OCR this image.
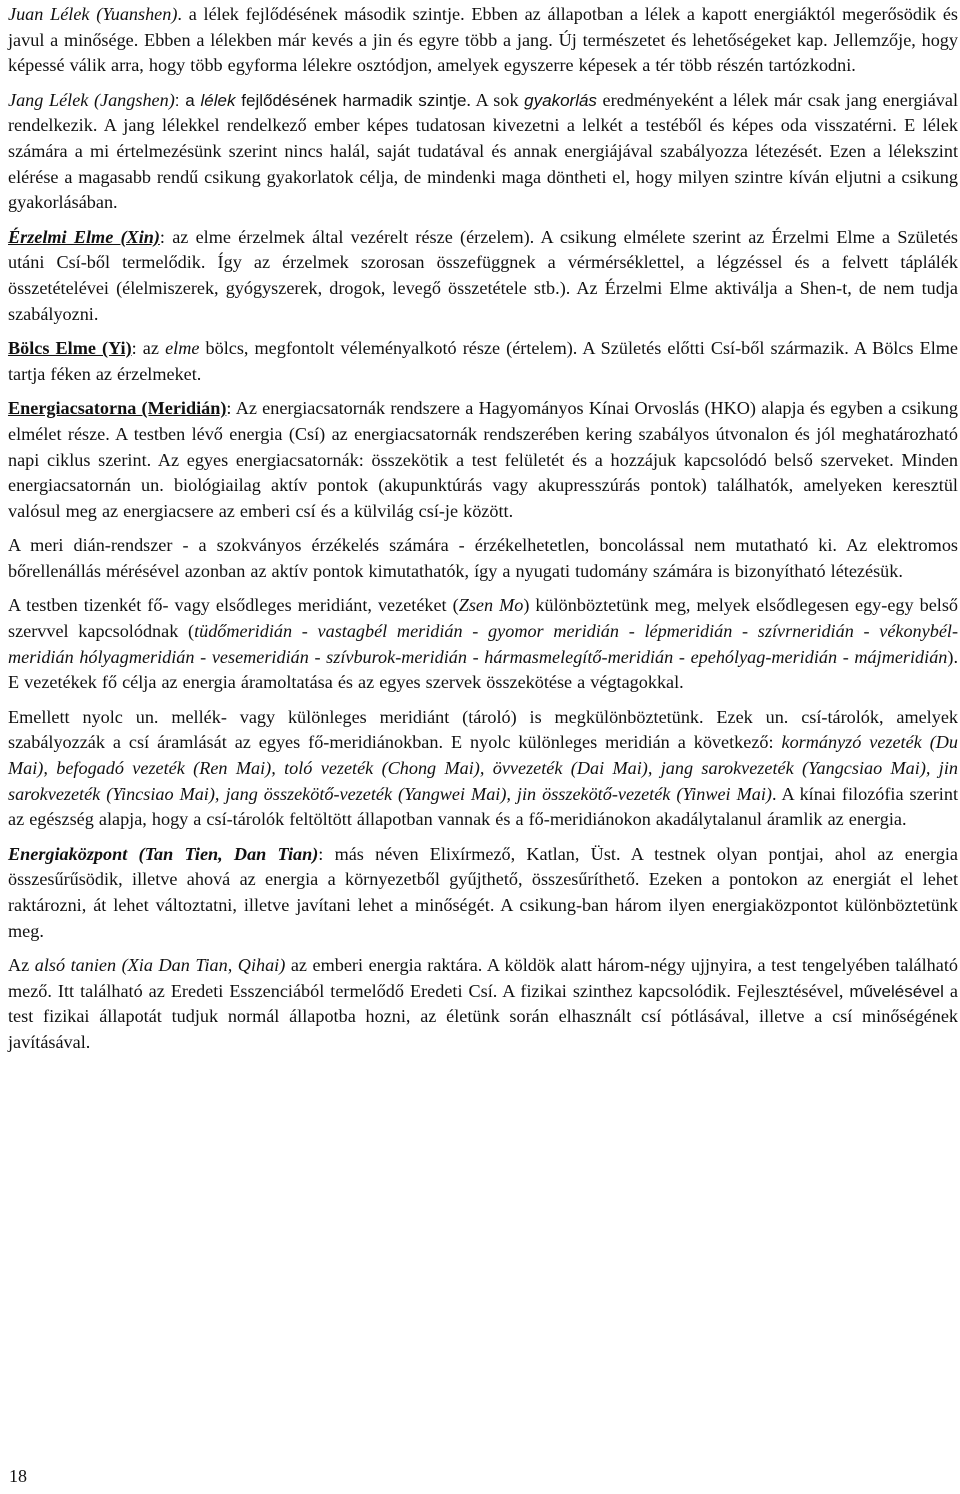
Juan Lélek (Yuanshen). a lélek fejlődésének második szintje. Ebben az állapotban a lélek a kapott energiáktól megerősödik és javul a minősége. Ebben a lélekben már kevés a jin és egyre több a jang. Új természetet és lehetőségeket kap. Jellemzője, hogy képessé válik arra, hogy több egyforma lélekre osztódjon, amelyek egyszerre képesek a tér több részén tartózkodni.

Jang Lélek (Jangshen): a lélek fejlődésének harmadik szintje. A sok gyakorlás eredményeként a lélek már csak jang energiával rendelkezik. A jang lélekkel rendelkező ember képes tudatosan kivezetni a lelkét a testéből és képes oda visszatérni. E lélek számára a mi értelmezésünk szerint nincs halál, saját tudatával és annak energiájával szabályozza létezését. Ezen a lélekszint elérése a magasabb rendű csikung gyakorlatok célja, de mindenki maga döntheti el, hogy milyen szintre kíván eljutni a csikung gyakorlásában.

Érzelmi Elme (Xin): az elme érzelmek által vezérelt része (érzelem). A csikung elmélete szerint az Érzelmi Elme a Születés utáni Csí-ből termelődik. Így az érzelmek szorosan összefüggnek a vérmérséklettel, a légzéssel és a felvett táplálék összetételévei (élelmiszerek, gyógyszerek, drogok, levegő összetétele stb.). Az Érzelmi Elme aktiválja a Shen-t, de nem tudja szabályozni.

Bölcs Elme (Yi): az elme bölcs, megfontolt véleményalkotó része (értelem). A Születés előtti Csí-ből származik. A Bölcs Elme tartja féken az érzelmeket.

Energiacsatorna (Meridián): Az energiacsatornák rendszere a Hagyományos Kínai Orvoslás (HKO) alapja és egyben a csikung elmélet része. A testben lévő energia (Csí) az energiacsatornák rendszerében kering szabályos útvonalon és jól meghatározható napi ciklus szerint. Az egyes energiacsatornák: összekötik a test felületét és a hozzájuk kapcsolódó belső szerveket. Minden energiacsatornán un. biológiailag aktív pontok (akupunktúrás vagy akupresszúrás pontok) találhatók, amelyeken keresztül valósul meg az energiacsere az emberi csí és a külvilág csí-je között.

A meri dián-rendszer - a szokványos érzékelés számára - érzékelhetetlen, boncolással nem mutatható ki. Az elektromos bőrellenállás mérésével azonban az aktív pontok kimutathatók, így a nyugati tudomány számára is bizonyítható létezésük.

A testben tizenkét fő- vagy elsődleges meridiánt, vezetéket (Zsen Mo) különböztetünk meg, melyek elsődlegesen egy-egy belső szervvel kapcsolódnak (tüdőmeridián - vastagbél meridián - gyomor meridián - lépmeridián - szívrneridián - vékonybél-meridián hólyagmeridián - vesemeridián - szívburok-meridián - hármasmelegítő-meridián - epehólyag-meridián - májmeridián). E vezetékek fő célja az energia áramoltatása és az egyes szervek összekötése a végtagokkal.

Emellett nyolc un. mellék- vagy különleges meridiánt (tároló) is megkülönböztetünk. Ezek un. csí-tárolók, amelyek szabályozzák a csí áramlását az egyes fő-meridiánokban. E nyolc különleges meridián a következő: kormányzó vezeték (Du Mai), befogadó vezeték (Ren Mai), toló vezeték (Chong Mai), övvezeték (Dai Mai), jang sarokvezeték (Yangcsiao Mai), jin sarokvezeték (Yincsiao Mai), jang összekötő-vezeték (Yangwei Mai), jin összekötő-vezeték (Yinwei Mai). A kínai filozófia szerint az egészség alapja, hogy a csí-tárolók feltöltött állapotban vannak és a fő-meridiánokon akadálytalanul áramlik az energia.

Energiaközpont (Tan Tien, Dan Tian): más néven Elixírmező, Katlan, Üst. A testnek olyan pontjai, ahol az energia összesűrűsödik, illetve ahová az energia a környezetből gyűjthető, összesűríthető. Ezeken a pontokon az energiát el lehet raktározni, át lehet változtatni, illetve javítani lehet a minőségét. A csikung-ban három ilyen energiaközpontot különböztetünk meg.

Az alsó tanien (Xia Dan Tian, Qihai) az emberi energia raktára. A köldök alatt három-négy ujjnyira, a test tengelyében található mező. Itt található az Eredeti Esszenciából termelődő Eredeti Csí. A fizikai szinthez kapcsolódik. Fejlesztésével, művelésével a test fizikai állapotát tudjuk normál állapotba hozni, az életünk során elhasznált csí pótlásával, illetve a csí minőségének javításával.

18
